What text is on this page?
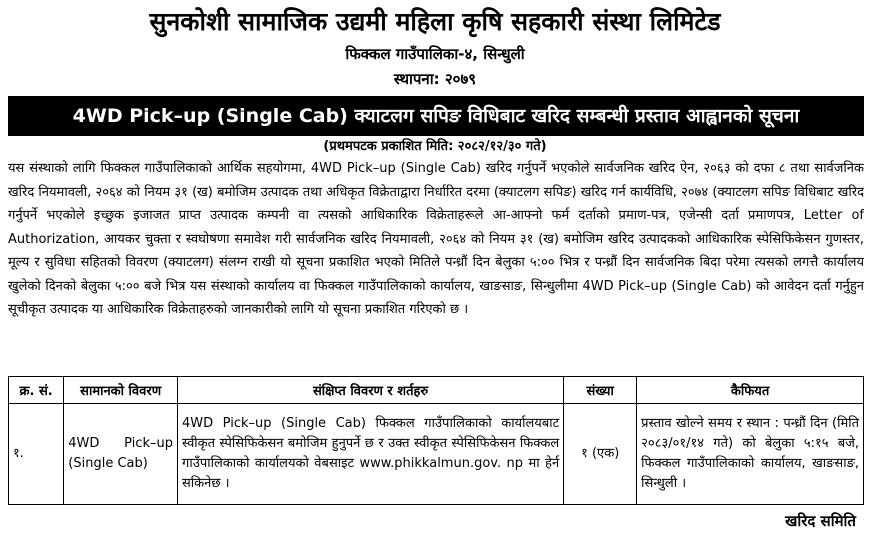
सुनकोशी सामाजिक उद्यमी महिला कृषि सहकारी संस्था लिमिटेड
फिक्कल गाउँपालिका-४, सिन्धुली
स्थापना: २०७९
4WD Pick–up (Single Cab) क्याटलग सपिङ विधिबाट खरिद सम्बन्धी प्रस्ताव आह्वानको सूचना
(प्रथमपटक प्रकाशित मिति: २०८२/१२/३० गते)
यस संस्थाको लागि फिक्कल गाउँपालिकाको आर्थिक सहयोगमा, 4WD Pick–up (Single Cab) खरिद गर्नुपर्ने भएकोले सार्वजनिक खरिद ऐन, २०६३ को दफा ८ तथा सार्वजनिक खरिद नियमावली, २०६४ को नियम ३१ (ख) बमोजिम उत्पादक तथा अधिकृत विक्रेताद्वारा निर्धारित दरमा (क्याटलग सपिङ) खरिद गर्न कार्यविधि, २०७४ (क्याटलग सपिङ विधिबाट खरिद गर्नुपर्ने भएकोले इच्छुक इजाजत प्राप्त उत्पादक कम्पनी वा त्यसको आधिकारिक विक्रेताहरूले आ-आफ्नो फर्म दर्ताको प्रमाण-पत्र, एजेन्सी दर्ता प्रमाणपत्र, Letter of Authorization, आयकर चुक्ता र स्वघोषणा समावेश गरी सार्वजनिक खरिद नियमावली, २०६४ को नियम ३१ (ख) बमोजिम खरिद उत्पादकको आधिकारिक स्पेसिफिकेसन गुणस्तर, मूल्य र सुविधा सहितको विवरण (क्याटलग) संलग्न राखी यो सूचना प्रकाशित भएको मितिले पन्ध्रौं दिन बेलुका ५:०० भित्र र पन्ध्रौं दिन सार्वजनिक बिदा परेमा त्यसको लगत्तै कार्यालय खुलेको दिनको बेलुका ५:०० बजे भित्र यस संस्थाको कार्यालय वा फिक्कल गाउँपालिकाको कार्यालय, खाङसाङ, सिन्धुलीमा 4WD Pick–up (Single Cab) को आवेदन दर्ता गर्नुहुन सूचीकृत उत्पादक या आधिकारिक विक्रेताहरुको जानकारीको लागि यो सूचना प्रकाशित गरिएको छ ।
क्र. सं.	सामानको विवरण	संक्षिप्त विवरण र शर्तहरु	संख्या	कैफियत
१.	4WD Pick–up (Single Cab)	4WD Pick–up (Single Cab) फिक्कल गाउँपालिकाको कार्यालयबाट स्वीकृत स्पेसिफिकेसन बमोजिम हुनुपर्ने छ र उक्त स्वीकृत स्पेसिफिकेसन फिक्कल गाउँपालिकाको कार्यालयको वेबसाइट www.phikkalmun.gov. np मा हेर्न सकिनेछ ।	१ (एक)	प्रस्ताव खोल्ने समय र स्थान : पन्ध्रौं दिन (मिति २०८३/०१/१४ गते) को बेलुका ५:१५ बजे, फिक्कल गाउँपालिकाको कार्यालय, खाङसाङ, सिन्धुली ।
खरिद समिति
